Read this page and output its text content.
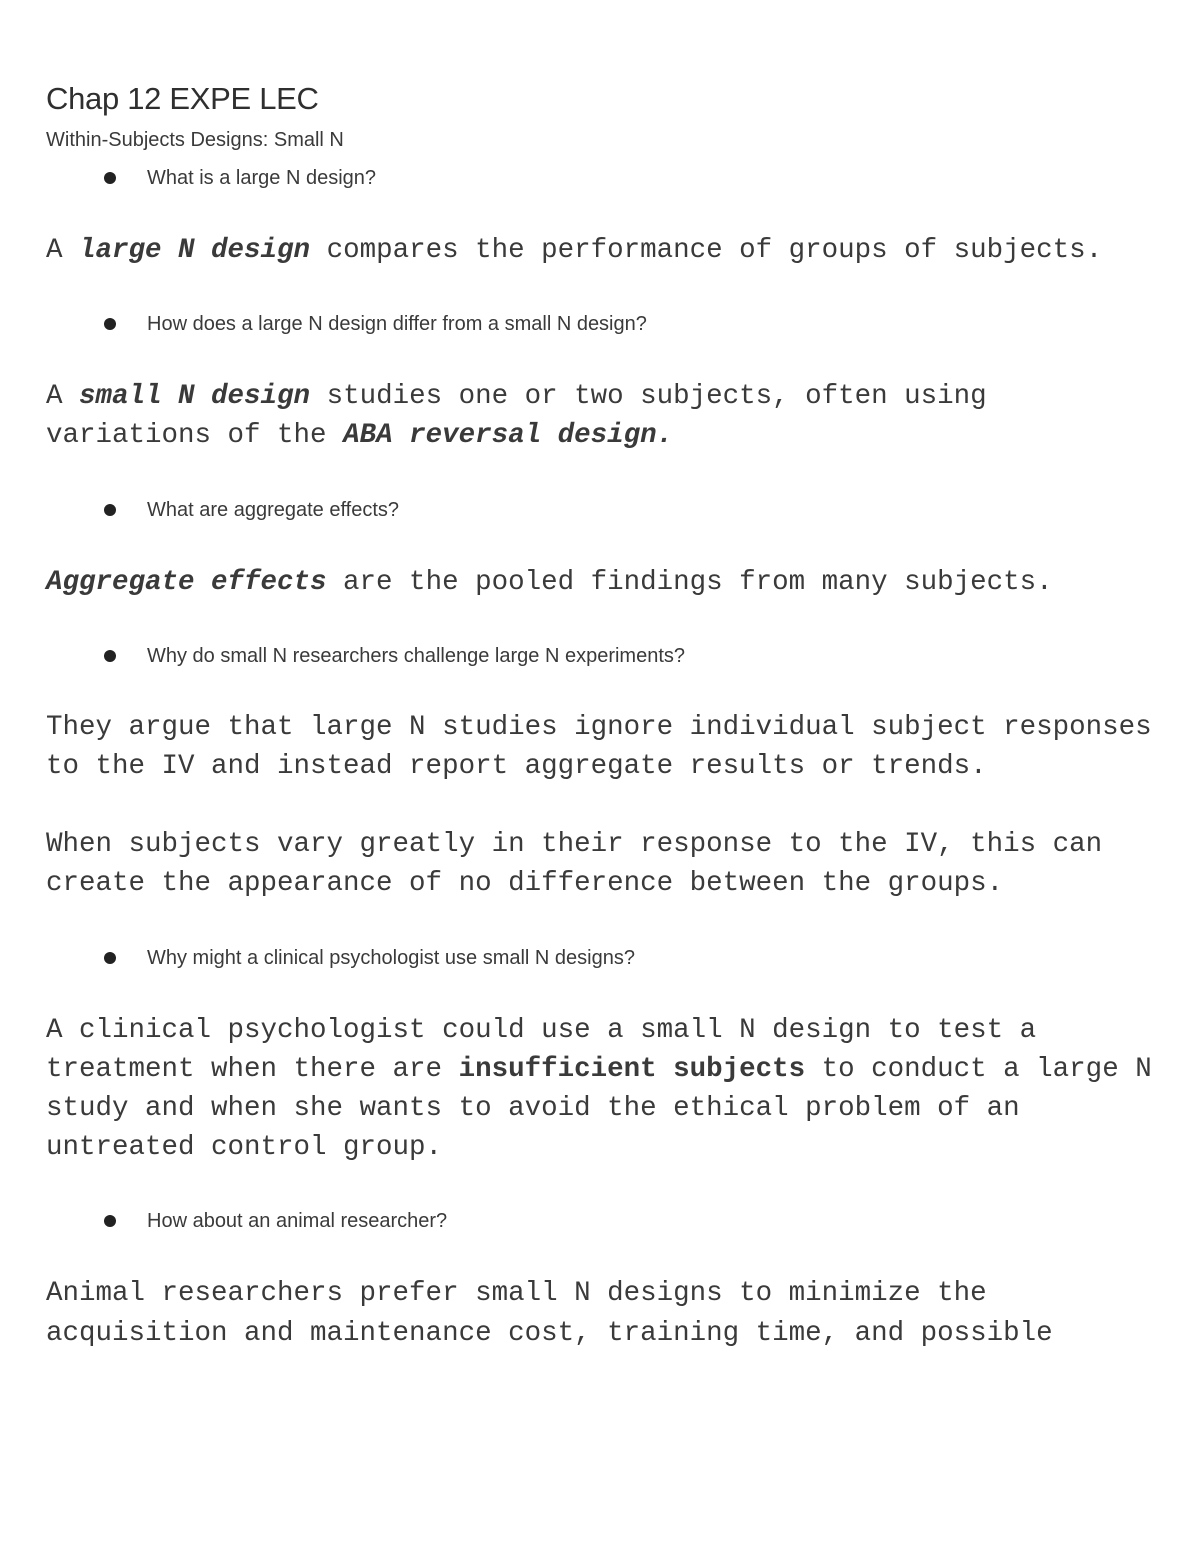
Chap 12 EXPE LEC
Within-Subjects Designs: Small N
What is a large N design?

A large N design compares the performance of groups of subjects.

How does a large N design differ from a small N design?

A small N design studies one or two subjects, often using variations of the ABA reversal design.

What are aggregate effects?

Aggregate effects are the pooled findings from many subjects.

Why do small N researchers challenge large N experiments?

They argue that large N studies ignore individual subject responses to the IV and instead report aggregate results or trends.

When subjects vary greatly in their response to the IV, this can create the appearance of no difference between the groups.

Why might a clinical psychologist use small N designs?

A clinical psychologist could use a small N design to test a treatment when there are insufficient subjects to conduct a large N study and when she wants to avoid the ethical problem of an untreated control group.

How about an animal researcher?

Animal researchers prefer small N designs to minimize the acquisition and maintenance cost, training time, and possible
